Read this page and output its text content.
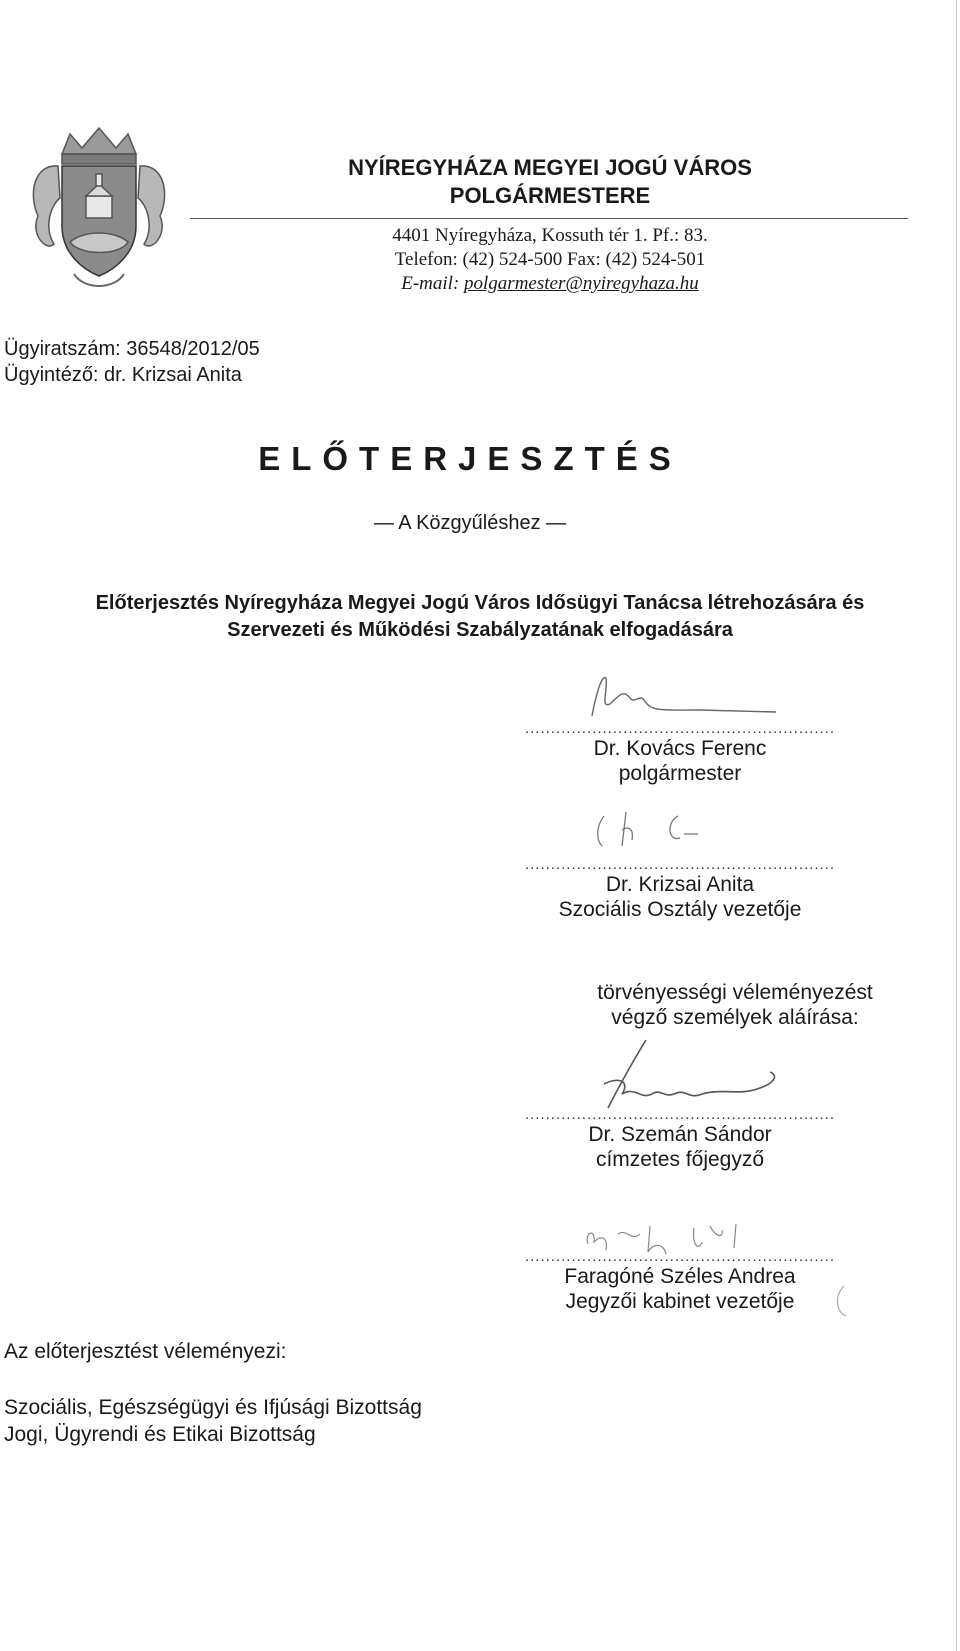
NYÍREGYHÁZA MEGYEI JOGÚ VÁROS
POLGÁRMESTERE
4401 Nyíregyháza, Kossuth tér 1. Pf.: 83.
Telefon: (42) 524-500 Fax: (42) 524-501
E-mail: polgarmester@nyiregyhaza.hu
Ügyiratszám: 36548/2012/05
Ügyintéző: dr. Krizsai Anita
ELŐTERJESZTÉS
— A Közgyűléshez —
Előterjesztés Nyíregyháza Megyei Jogú Város Idősügyi Tanácsa létrehozására és
Szervezeti és Működési Szabályzatának elfogadására
............................................................
Dr. Kovács Ferenc
polgármester
............................................................
Dr. Krizsai Anita
Szociális Osztály vezetője
törvényességi véleményezést
végző személyek aláírása:
............................................................
Dr. Szemán Sándor
címzetes főjegyző
............................................................
Faragóné Széles Andrea
Jegyzői kabinet vezetője
Az előterjesztést véleményezi:
Szociális, Egészségügyi és Ifjúsági Bizottság
Jogi, Ügyrendi és Etikai Bizottság
